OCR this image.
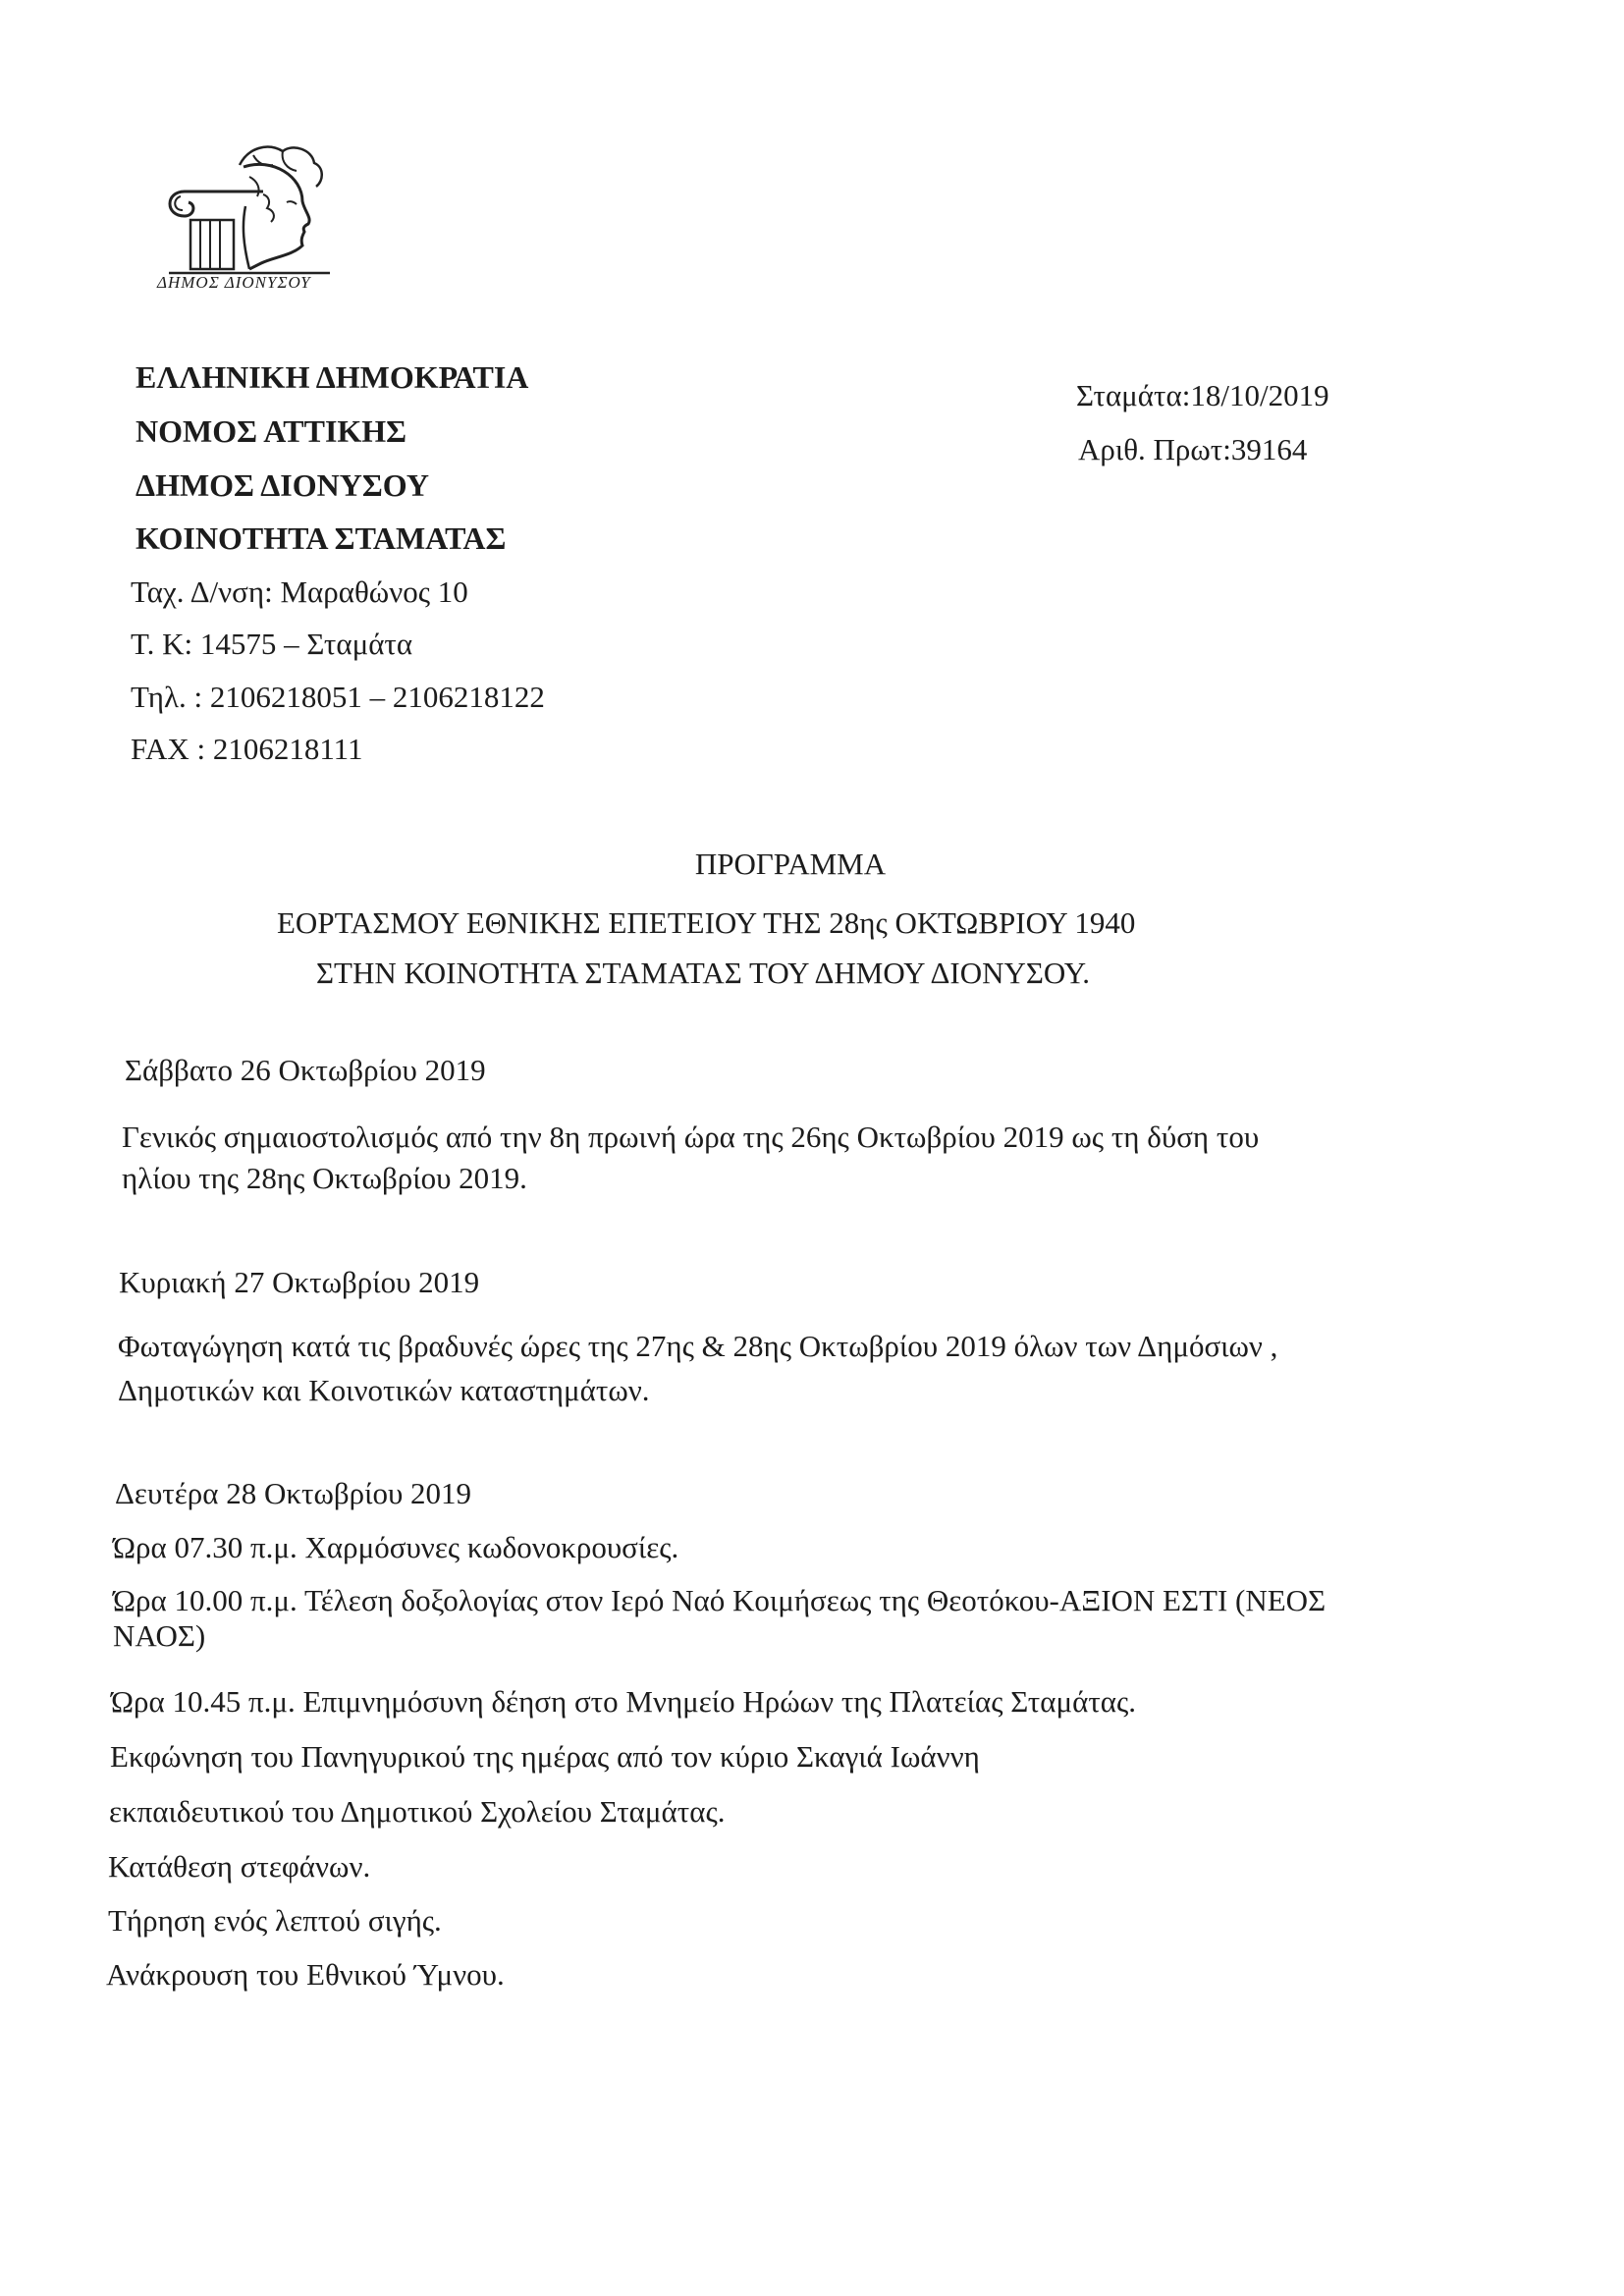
ΔΗΜΟΣ ΔΙΟΝΥΣΟΥ
ΕΛΛΗΝΙΚΗ ΔΗΜΟΚΡΑΤΙΑ
ΝΟΜΟΣ ΑΤΤΙΚΗΣ
ΔΗΜΟΣ ΔΙΟΝΥΣΟΥ
ΚΟΙΝΟΤΗΤΑ ΣΤΑΜΑΤΑΣ
Ταχ. Δ/νση: Μαραθώνος 10
Τ. Κ: 14575 – Σταμάτα
Τηλ. : 2106218051 – 2106218122
FAX : 2106218111
Σταμάτα:18/10/2019
Αριθ. Πρωτ:39164
ΠΡΟΓΡΑΜΜΑ
ΕΟΡΤΑΣΜΟΥ ΕΘΝΙΚΗΣ ΕΠΕΤΕΙΟΥ ΤΗΣ 28ης ΟΚΤΩΒΡΙΟΥ 1940
ΣΤΗΝ ΚΟΙΝΟΤΗΤΑ ΣΤΑΜΑΤΑΣ ΤΟΥ ΔΗΜΟΥ ΔΙΟΝΥΣΟΥ.
Σάββατο 26 Οκτωβρίου 2019
Γενικός σημαιοστολισμός από την 8η πρωινή ώρα της 26ης Οκτωβρίου 2019 ως τη δύση του
ηλίου της 28ης Οκτωβρίου 2019.
Κυριακή 27 Οκτωβρίου 2019
Φωταγώγηση κατά τις βραδυνές ώρες της 27ης & 28ης Οκτωβρίου 2019 όλων των Δημόσιων ,
Δημοτικών και Κοινοτικών καταστημάτων.
Δευτέρα 28 Οκτωβρίου 2019
Ώρα 07.30 π.μ. Χαρμόσυνες κωδονοκρουσίες.
Ώρα 10.00 π.μ. Τέλεση δοξολογίας στον Ιερό Ναό Κοιμήσεως της Θεοτόκου-ΑΞΙΟΝ ΕΣΤΙ (ΝΕΟΣ
ΝΑΟΣ)
Ώρα 10.45 π.μ. Επιμνημόσυνη δέηση στο Μνημείο Ηρώων της Πλατείας Σταμάτας.
Εκφώνηση του Πανηγυρικού της ημέρας από τον κύριο Σκαγιά Ιωάννη
εκπαιδευτικού του Δημοτικού Σχολείου Σταμάτας.
Κατάθεση στεφάνων.
Τήρηση ενός λεπτού σιγής.
Ανάκρουση του Εθνικού Ύμνου.
